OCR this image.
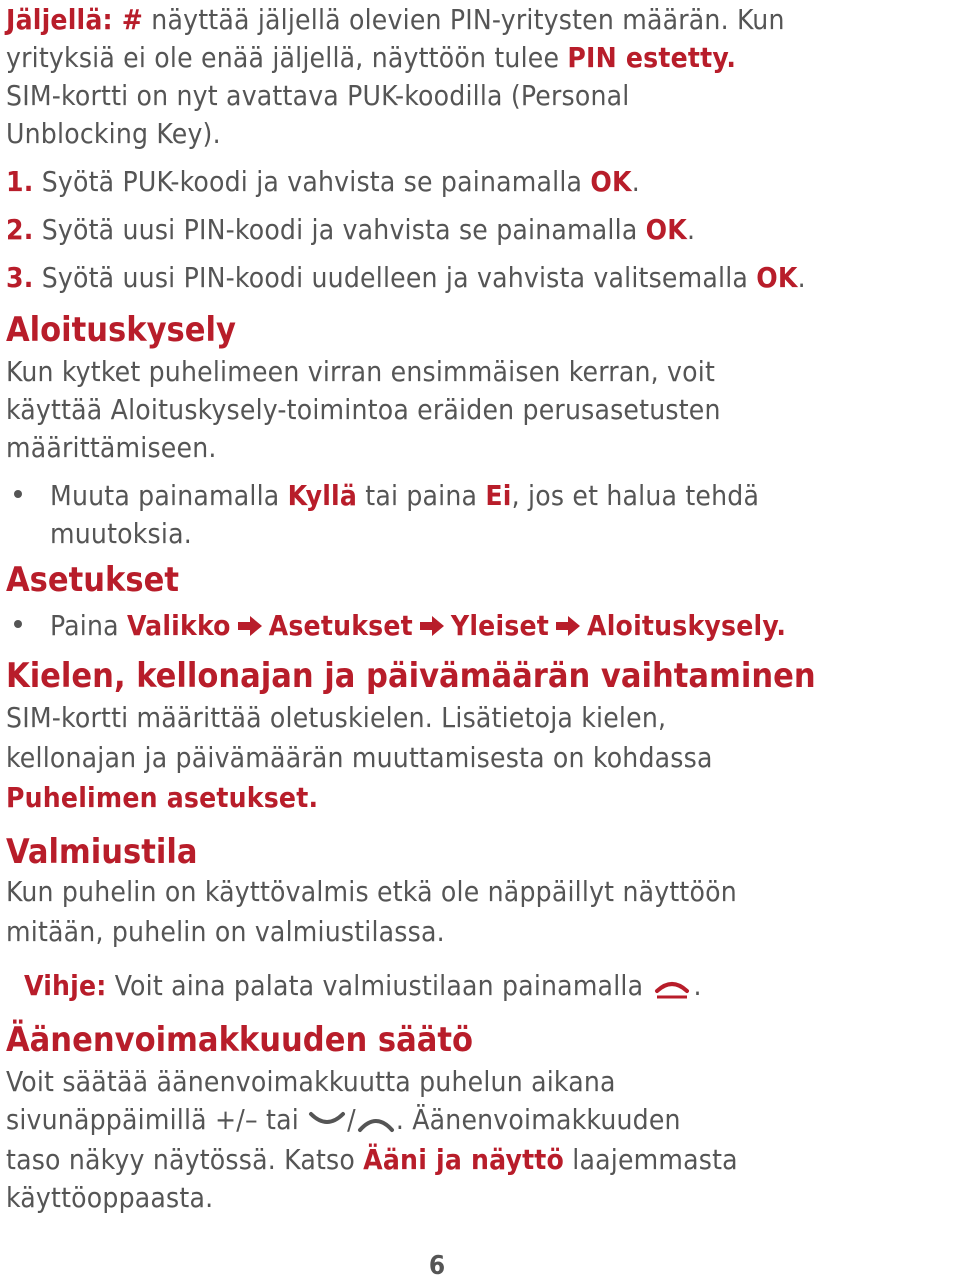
Jäljellä: # näyttää jäljellä olevien PIN-yritysten määrän. Kun
yrityksiä ei ole enää jäljellä, näyttöön tulee PIN estetty.
SIM-kortti on nyt avattava PUK-koodilla (Personal
Unblocking Key).
1. Syötä PUK-koodi ja vahvista se painamalla OK.
2. Syötä uusi PIN-koodi ja vahvista se painamalla OK.
3. Syötä uusi PIN-koodi uudelleen ja vahvista valitsemalla OK.
Aloituskysely
Kun kytket puhelimeen virran ensimmäisen kerran, voit
käyttää Aloituskysely-toimintoa eräiden perusasetusten
määrittämiseen.
Muuta painamalla Kyllä tai paina Ei, jos et halua tehdä
muutoksia.
Asetukset
Paina Valikko Asetukset Yleiset Aloituskysely.
Kielen, kellonajan ja päivämäärän vaihtaminen
SIM-kortti määrittää oletuskielen. Lisätietoja kielen,
kellonajan ja päivämäärän muuttamisesta on kohdassa
Puhelimen asetukset.
Valmiustila
Kun puhelin on käyttövalmis etkä ole näppäillyt näyttöön
mitään, puhelin on valmiustilassa.
Vihje: Voit aina palata valmiustilaan painamalla .
Äänenvoimakkuuden säätö
Voit säätää äänenvoimakkuutta puhelun aikana
sivunäppäimillä +/– tai / . Äänenvoimakkuuden
taso näkyy näytössä. Katso Ääni ja näyttö laajemmasta
käyttöoppaasta.
6
